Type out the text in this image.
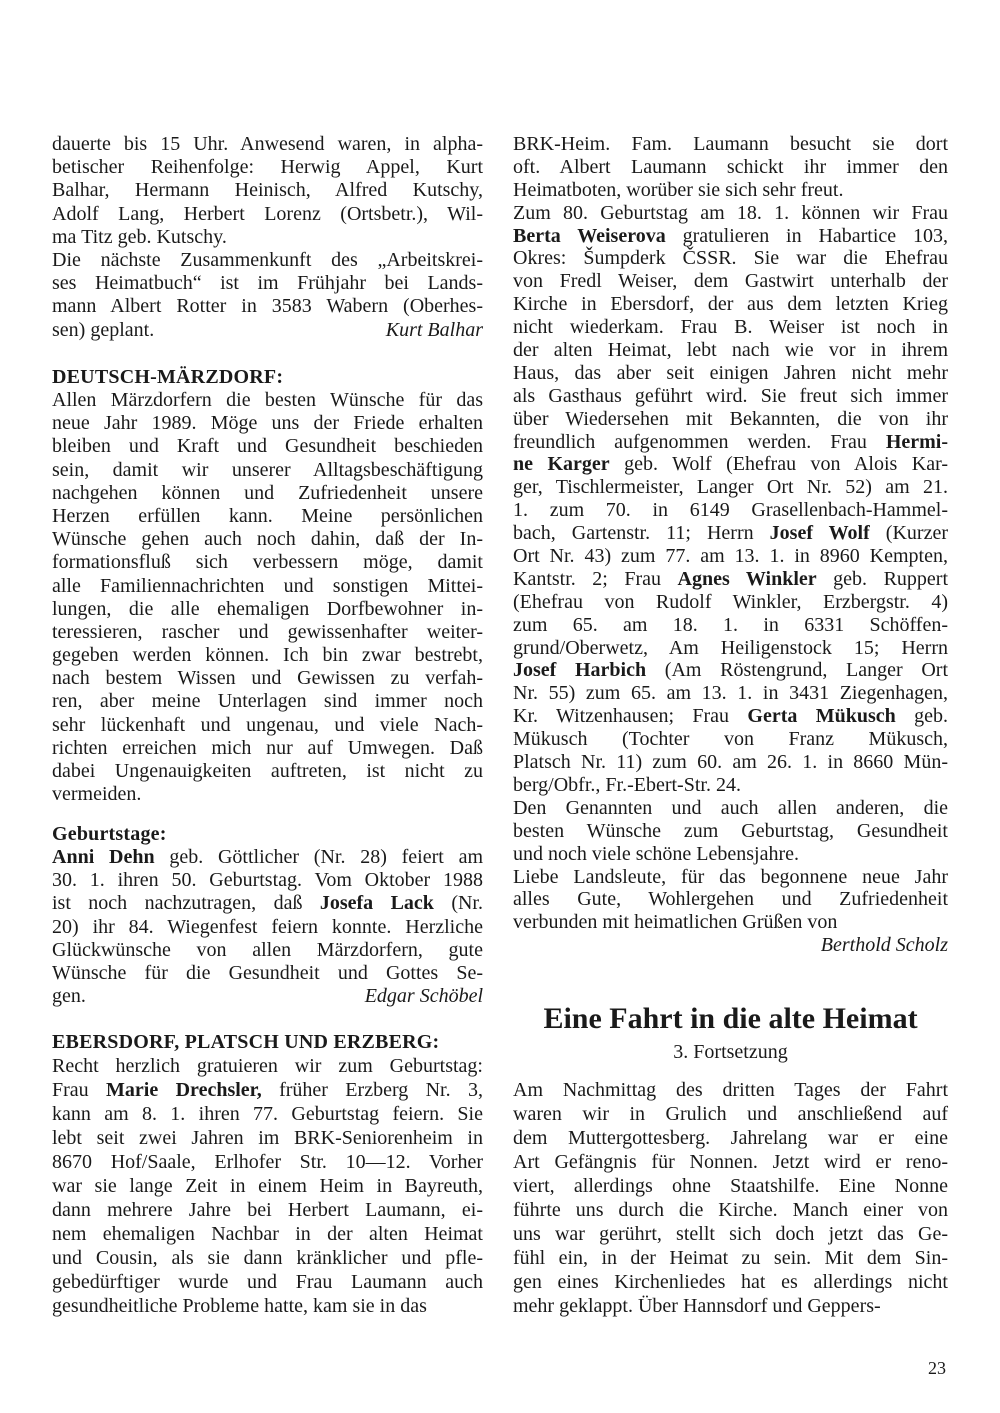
dauerte bis 15 Uhr. Anwesend waren, in alpha-
betischer Reihenfolge: Herwig Appel, Kurt
Balhar, Hermann Heinisch, Alfred Kutschy,
Adolf Lang, Herbert Lorenz (Ortsbetr.), Wil-
ma Titz geb. Kutschy.
Die nächste Zusammenkunft des „Arbeitskrei-
ses Heimatbuch“ ist im Frühjahr bei Lands-
mann Albert Rotter in 3583 Wabern (Oberhes-
sen) geplant.	Kurt Balhar
DEUTSCH-MÄRZDORF:
Allen Märzdorfern die besten Wünsche für das
neue Jahr 1989. Möge uns der Friede erhalten
bleiben und Kraft und Gesundheit beschieden
sein, damit wir unserer Alltagsbeschäftigung
nachgehen können und Zufriedenheit unsere
Herzen erfüllen kann. Meine persönlichen
Wünsche gehen auch noch dahin, daß der In-
formationsfluß sich verbessern möge, damit
alle Familiennachrichten und sonstigen Mittei-
lungen, die alle ehemaligen Dorfbewohner in-
teressieren, rascher und gewissenhafter weiter-
gegeben werden können. Ich bin zwar bestrebt,
nach bestem Wissen und Gewissen zu verfah-
ren, aber meine Unterlagen sind immer noch
sehr lückenhaft und ungenau, und viele Nach-
richten erreichen mich nur auf Umwegen. Daß
dabei Ungenauigkeiten auftreten, ist nicht zu
vermeiden.
Geburtstage:
Anni Dehn geb. Göttlicher (Nr. 28) feiert am
30. 1. ihren 50. Geburtstag. Vom Oktober 1988
ist noch nachzutragen, daß Josefa Lack (Nr.
20) ihr 84. Wiegenfest feiern konnte. Herzliche
Glückwünsche von allen Märzdorfern, gute
Wünsche für die Gesundheit und Gottes Se-
gen.	Edgar Schöbel
EBERSDORF, PLATSCH UND ERZBERG:
Recht herzlich gratuieren wir zum Geburtstag:
Frau Marie Drechsler, früher Erzberg Nr. 3,
kann am 8. 1. ihren 77. Geburtstag feiern. Sie
lebt seit zwei Jahren im BRK-Seniorenheim in
8670 Hof/Saale, Erlhofer Str. 10—12. Vorher
war sie lange Zeit in einem Heim in Bayreuth,
dann mehrere Jahre bei Herbert Laumann, ei-
nem ehemaligen Nachbar in der alten Heimat
und Cousin, als sie dann kränklicher und pfle-
gebedürftiger wurde und Frau Laumann auch
gesundheitliche Probleme hatte, kam sie in das
BRK-Heim. Fam. Laumann besucht sie dort
oft. Albert Laumann schickt ihr immer den
Heimatboten, worüber sie sich sehr freut.
Zum 80. Geburtstag am 18. 1. können wir Frau
Berta Weiserova gratulieren in Habartice 103,
Okres: Šumpderk ČSSR. Sie war die Ehefrau
von Fredl Weiser, dem Gastwirt unterhalb der
Kirche in Ebersdorf, der aus dem letzten Krieg
nicht wiederkam. Frau B. Weiser ist noch in
der alten Heimat, lebt nach wie vor in ihrem
Haus, das aber seit einigen Jahren nicht mehr
als Gasthaus geführt wird. Sie freut sich immer
über Wiedersehen mit Bekannten, die von ihr
freundlich aufgenommen werden. Frau Hermi-
ne Karger geb. Wolf (Ehefrau von Alois Kar-
ger, Tischlermeister, Langer Ort Nr. 52) am 21.
1. zum 70. in 6149 Grasellenbach-Hammel-
bach, Gartenstr. 11; Herrn Josef Wolf (Kurzer
Ort Nr. 43) zum 77. am 13. 1. in 8960 Kempten,
Kantstr. 2; Frau Agnes Winkler geb. Ruppert
(Ehefrau von Rudolf Winkler, Erzbergstr. 4)
zum 65. am 18. 1. in 6331 Schöffen-
grund/Oberwetz, Am Heiligenstock 15; Herrn
Josef Harbich (Am Röstengrund, Langer Ort
Nr. 55) zum 65. am 13. 1. in 3431 Ziegenhagen,
Kr. Witzenhausen; Frau Gerta Mükusch geb.
Mükusch (Tochter von Franz Mükusch,
Platsch Nr. 11) zum 60. am 26. 1. in 8660 Mün-
berg/Obfr., Fr.-Ebert-Str. 24.
Den Genannten und auch allen anderen, die
besten Wünsche zum Geburtstag, Gesundheit
und noch viele schöne Lebensjahre.
Liebe Landsleute, für das begonnene neue Jahr
alles Gute, Wohlergehen und Zufriedenheit
verbunden mit heimatlichen Grüßen von
Berthold Scholz
Eine Fahrt in die alte Heimat
3. Fortsetzung
Am Nachmittag des dritten Tages der Fahrt
waren wir in Grulich und anschließend auf
dem Muttergottesberg. Jahrelang war er eine
Art Gefängnis für Nonnen. Jetzt wird er reno-
viert, allerdings ohne Staatshilfe. Eine Nonne
führte uns durch die Kirche. Manch einer von
uns war gerührt, stellt sich doch jetzt das Ge-
fühl ein, in der Heimat zu sein. Mit dem Sin-
gen eines Kirchenliedes hat es allerdings nicht
mehr geklappt. Über Hannsdorf und Geppers-
23
